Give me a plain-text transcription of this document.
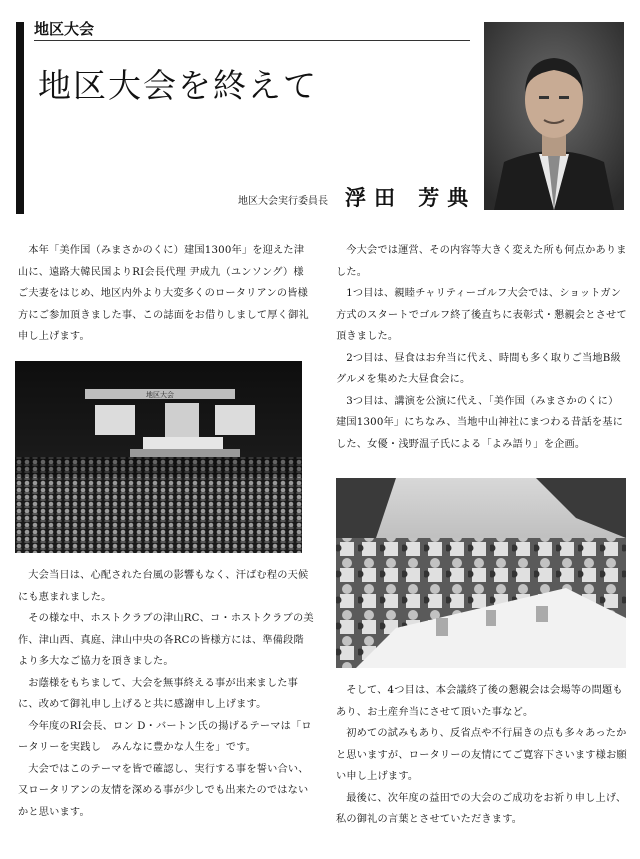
地区大会
地区大会を終えて
地区大会実行委員長 浮田 芳典

本年「美作国（みまさかのくに）建国1300年」を迎えた津山に、遠路大韓民国よりRI会長代理 尹成九（ユンソング）様ご夫妻をはじめ、地区内外より大変多くのロータリアンの皆様方にご参加頂きました事、この誌面をお借りしまして厚く御礼申し上げます。

地区大会

大会当日は、心配された台風の影響もなく、汗ばむ程の天候にも恵まれました。

その様な中、ホストクラブの津山RC、コ・ホストクラブの美作、津山西、真庭、津山中央の各RCの皆様方には、準備段階より多大なご協力を頂きました。

お蔭様をもちまして、大会を無事終える事が出来ました事に、改めて御礼申し上げると共に感謝申し上げます。

今年度のRI会長、ロン D・バートン氏の揚げるテーマは「ロータリーを実践し　みんなに豊かな人生を」です。

大会ではこのテーマを皆で確認し、実行する事を誓い合い、又ロータリアンの友情を深める事が少しでも出来たのではないかと思います。

今大会では運営、その内容等大きく変えた所も何点かありました。

1つ目は、親睦チャリティーゴルフ大会では、ショットガン方式のスタートでゴルフ終了後直ちに表彰式・懇親会とさせて頂きました。

2つ目は、昼食はお弁当に代え、時間も多く取りご当地B級グルメを集めた大昼食会に。

3つ目は、講演を公演に代え、「美作国（みまさかのくに）建国1300年」にちなみ、当地中山神社にまつわる昔話を基にした、女優・浅野温子氏による「よみ語り」を企画。

そして、4つ目は、本会議終了後の懇親会は会場等の問題もあり、お土産弁当にさせて頂いた事など。

初めての試みもあり、反省点や不行届きの点も多々あったかと思いますが、ロータリーの友情にてご寛容下さいます様お願い申し上げます。

最後に、次年度の益田での大会のご成功をお祈り申し上げ、私の御礼の言葉とさせていただきます。
